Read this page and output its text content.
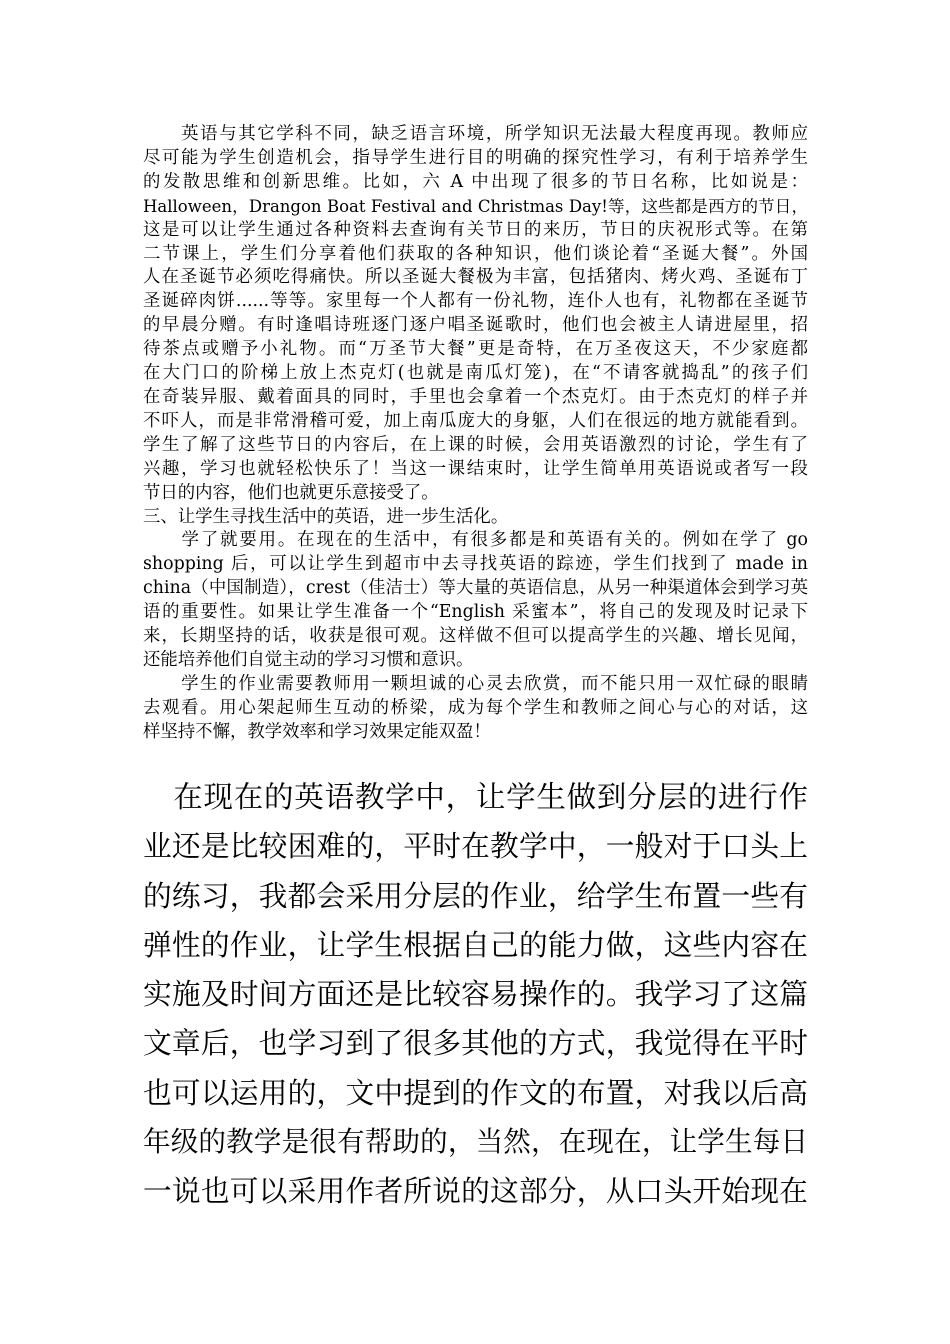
　　英语与其它学科不同，缺乏语言环境，所学知识无法最大程度再现。教师应
尽可能为学生创造机会，指导学生进行目的明确的探究性学习，有利于培养学生
的发散思维和创新思维。比如，六 A 中出现了很多的节日名称，比如说是：
Halloween，Drangon Boat Festival and Christmas Day!等，这些都是西方的节日，
这是可以让学生通过各种资料去查询有关节日的来历，节日的庆祝形式等。在第
二节课上，学生们分享着他们获取的各种知识，他们谈论着“圣诞大餐”。外国
人在圣诞节必须吃得痛快。所以圣诞大餐极为丰富，包括猪肉、烤火鸡、圣诞布丁
圣诞碎肉饼......等等。家里每一个人都有一份礼物，连仆人也有，礼物都在圣诞节
的早晨分赠。有时逢唱诗班逐门逐户唱圣诞歌时，他们也会被主人请进屋里，招
待茶点或赠予小礼物。而“万圣节大餐”更是奇特，在万圣夜这天，不少家庭都
在大门口的阶梯上放上杰克灯(也就是南瓜灯笼)，在“不请客就捣乱”的孩子们
在奇装异服、戴着面具的同时，手里也会拿着一个杰克灯。由于杰克灯的样子并
不吓人，而是非常滑稽可爱，加上南瓜庞大的身躯，人们在很远的地方就能看到。
学生了解了这些节日的内容后，在上课的时候，会用英语激烈的讨论，学生有了
兴趣，学习也就轻松快乐了！当这一课结束时，让学生简单用英语说或者写一段
节日的内容，他们也就更乐意接受了。
三、让学生寻找生活中的英语，进一步生活化。
　　学了就要用。在现在的生活中，有很多都是和英语有关的。例如在学了 go
shopping 后，可以让学生到超市中去寻找英语的踪迹，学生们找到了 made in
china（中国制造），crest（佳洁士）等大量的英语信息，从另一种渠道体会到学习英
语的重要性。如果让学生准备一个“English 采蜜本”，将自己的发现及时记录下
来，长期坚持的话，收获是很可观。这样做不但可以提高学生的兴趣、增长见闻，
还能培养他们自觉主动的学习习惯和意识。
　　学生的作业需要教师用一颗坦诚的心灵去欣赏，而不能只用一双忙碌的眼睛
去观看。用心架起师生互动的桥梁，成为每个学生和教师之间心与心的对话，这
样坚持不懈，教学效率和学习效果定能双盈！
　在现在的英语教学中，让学生做到分层的进行作
业还是比较困难的，平时在教学中，一般对于口头上
的练习，我都会采用分层的作业，给学生布置一些有
弹性的作业，让学生根据自己的能力做，这些内容在
实施及时间方面还是比较容易操作的。我学习了这篇
文章后，也学习到了很多其他的方式，我觉得在平时
也可以运用的，文中提到的作文的布置，对我以后高
年级的教学是很有帮助的，当然，在现在，让学生每日
一说也可以采用作者所说的这部分，从口头开始现在
